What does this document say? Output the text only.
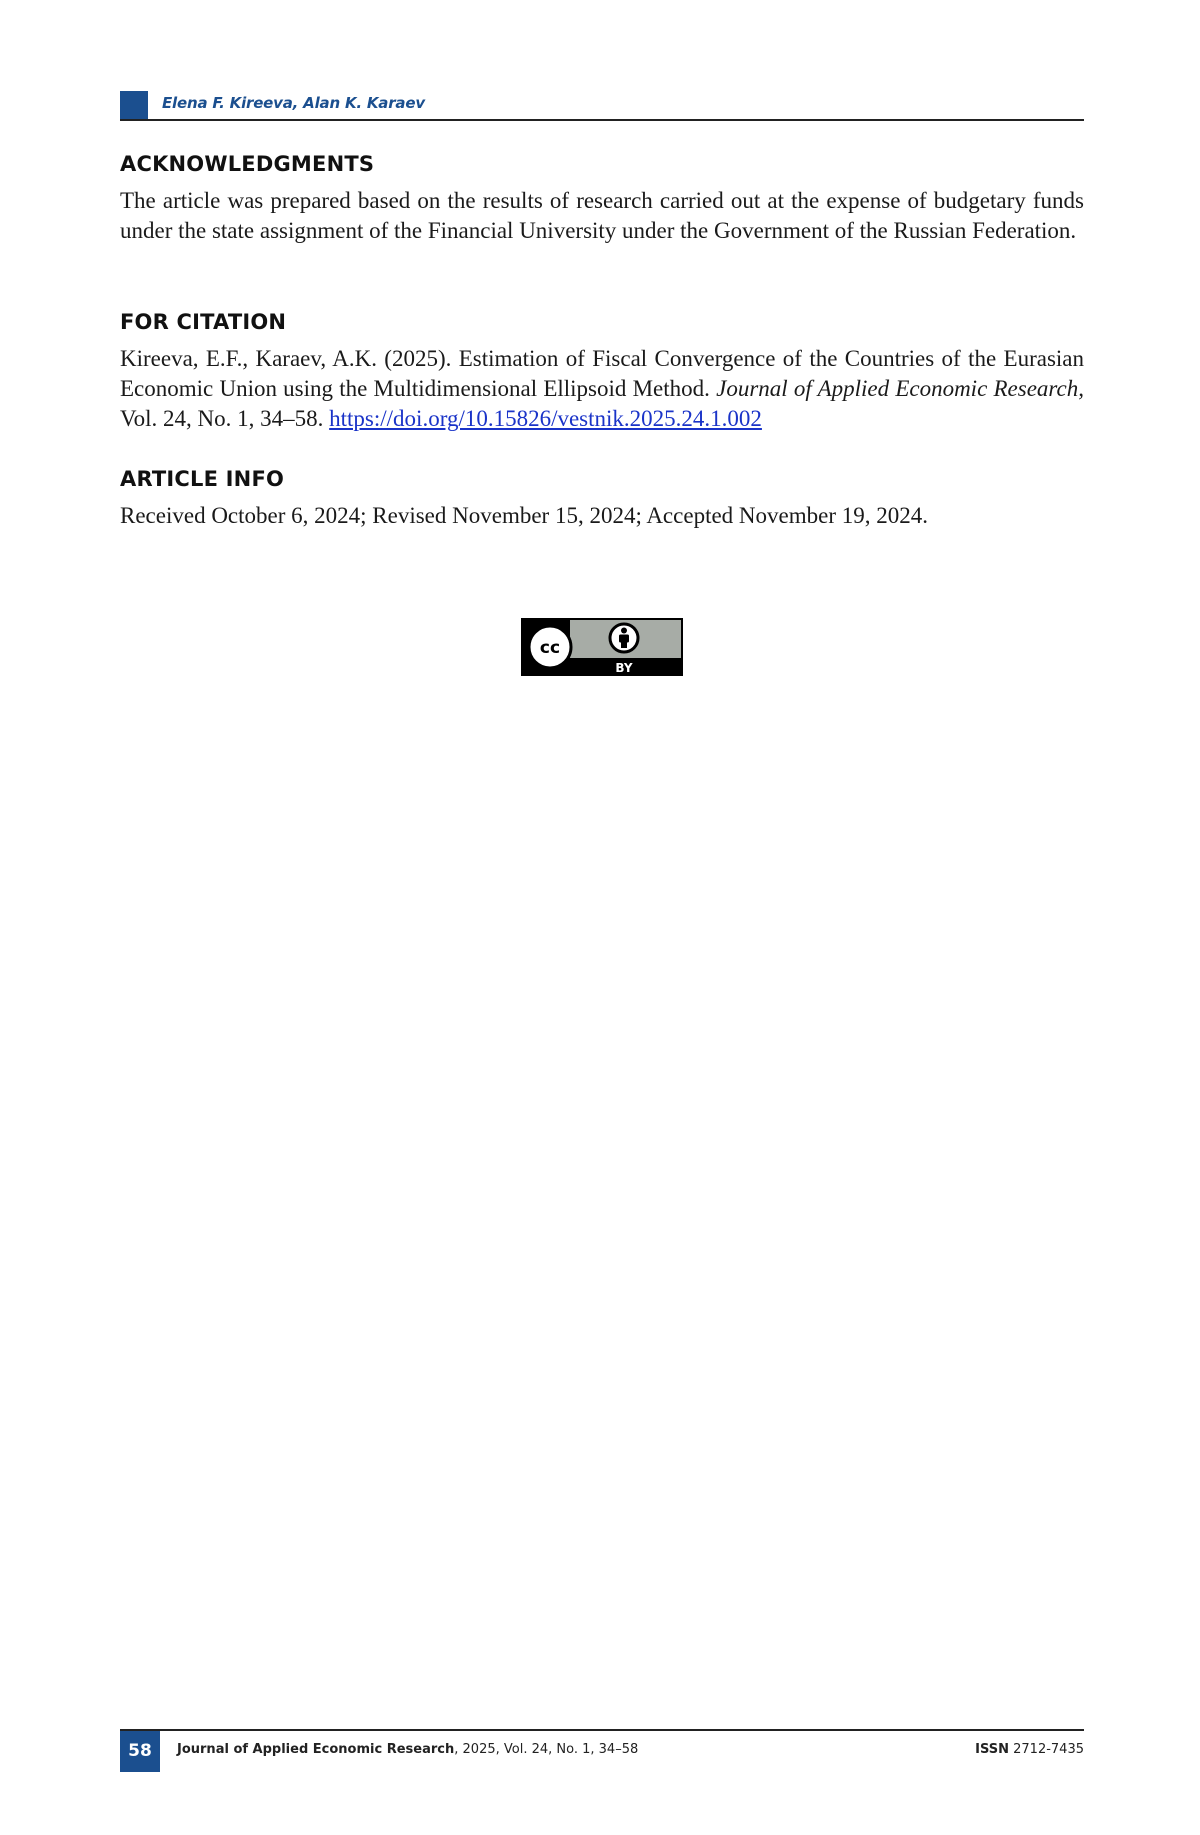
Elena F. Kireeva, Alan K. Karaev
ACKNOWLEDGMENTS

The article was prepared based on the results of research carried out at the expense of budgetary funds under the state assignment of the Financial University under the Government of the Russian Federation.

FOR CITATION

Kireeva, E.F., Karaev, A.K. (2025). Estimation of Fiscal Convergence of the Countries of the Eurasian Economic Union using the Multidimensional Ellipsoid Method. Journal of Applied Economic Research, Vol. 24, No. 1, 34–58. https://doi.org/10.15826/vestnik.2025.24.1.002

ARTICLE INFO

Received October 6, 2024; Revised November 15, 2024; Accepted November 19, 2024.

cc
BY
58	Journal of Applied Economic Research, 2025, Vol. 24, No. 1, 34–58	ISSN 2712-7435
